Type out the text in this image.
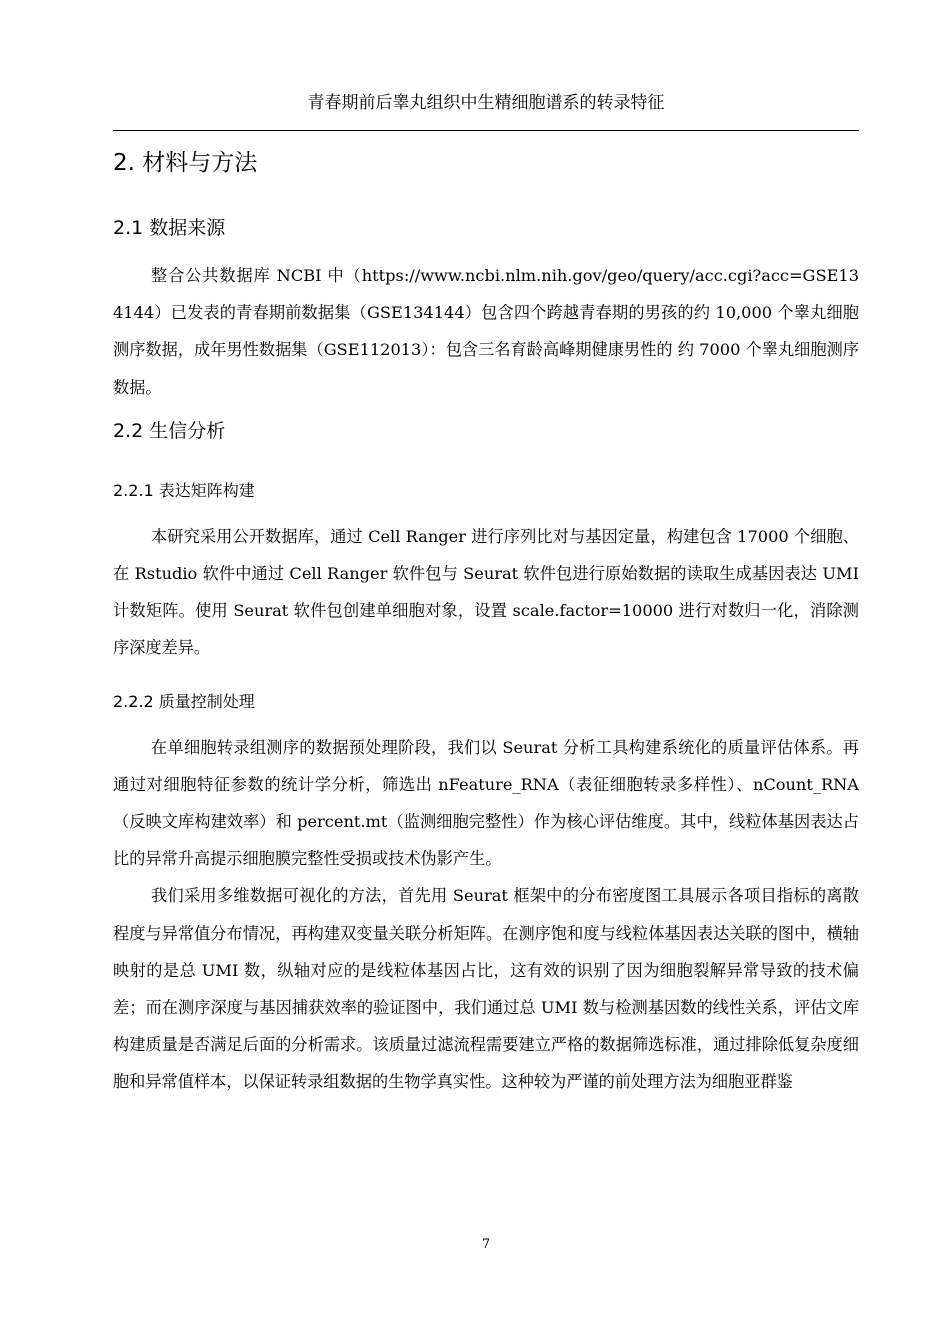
青春期前后睾丸组织中生精细胞谱系的转录特征
2. 材料与方法
2.1 数据来源

整合公共数据库 NCBI 中（https://www.ncbi.nlm.nih.gov/geo/query/acc.cgi?acc=GSE134144）已发表的青春期前数据集（GSE134144）包含四个跨越青春期的男孩的约 10,000 个睾丸细胞测序数据，成年男性数据集（GSE112013）：包含三名育龄高峰期健康男性的 约 7000 个睾丸细胞测序数据。

2.2 生信分析
2.2.1 表达矩阵构建

本研究采用公开数据库，通过 Cell Ranger 进行序列比对与基因定量，构建包含 17000 个细胞、在 Rstudio 软件中通过 Cell Ranger 软件包与 Seurat 软件包进行原始数据的读取生成基因表达 UMI 计数矩阵。使用 Seurat 软件包创建单细胞对象，设置 scale.factor=10000 进行对数归一化，消除测序深度差异。

2.2.2 质量控制处理

在单细胞转录组测序的数据预处理阶段，我们以 Seurat 分析工具构建系统化的质量评估体系。再通过对细胞特征参数的统计学分析，筛选出 nFeature_RNA（表征细胞转录多样性）、nCount_RNA（反映文库构建效率）和 percent.mt（监测细胞完整性）作为核心评估维度。其中，线粒体基因表达占比的异常升高提示细胞膜完整性受损或技术伪影产生。

我们采用多维数据可视化的方法，首先用 Seurat 框架中的分布密度图工具展示各项目指标的离散程度与异常值分布情况，再构建双变量关联分析矩阵。在测序饱和度与线粒体基因表达关联的图中，横轴映射的是总 UMI 数，纵轴对应的是线粒体基因占比，这有效的识别了因为细胞裂解异常导致的技术偏差；而在测序深度与基因捕获效率的验证图中，我们通过总 UMI 数与检测基因数的线性关系，评估文库构建质量是否满足后面的分析需求。该质量过滤流程需要建立严格的数据筛选标准，通过排除低复杂度细胞和异常值样本，以保证转录组数据的生物学真实性。这种较为严谨的前处理方法为细胞亚群鉴

7
